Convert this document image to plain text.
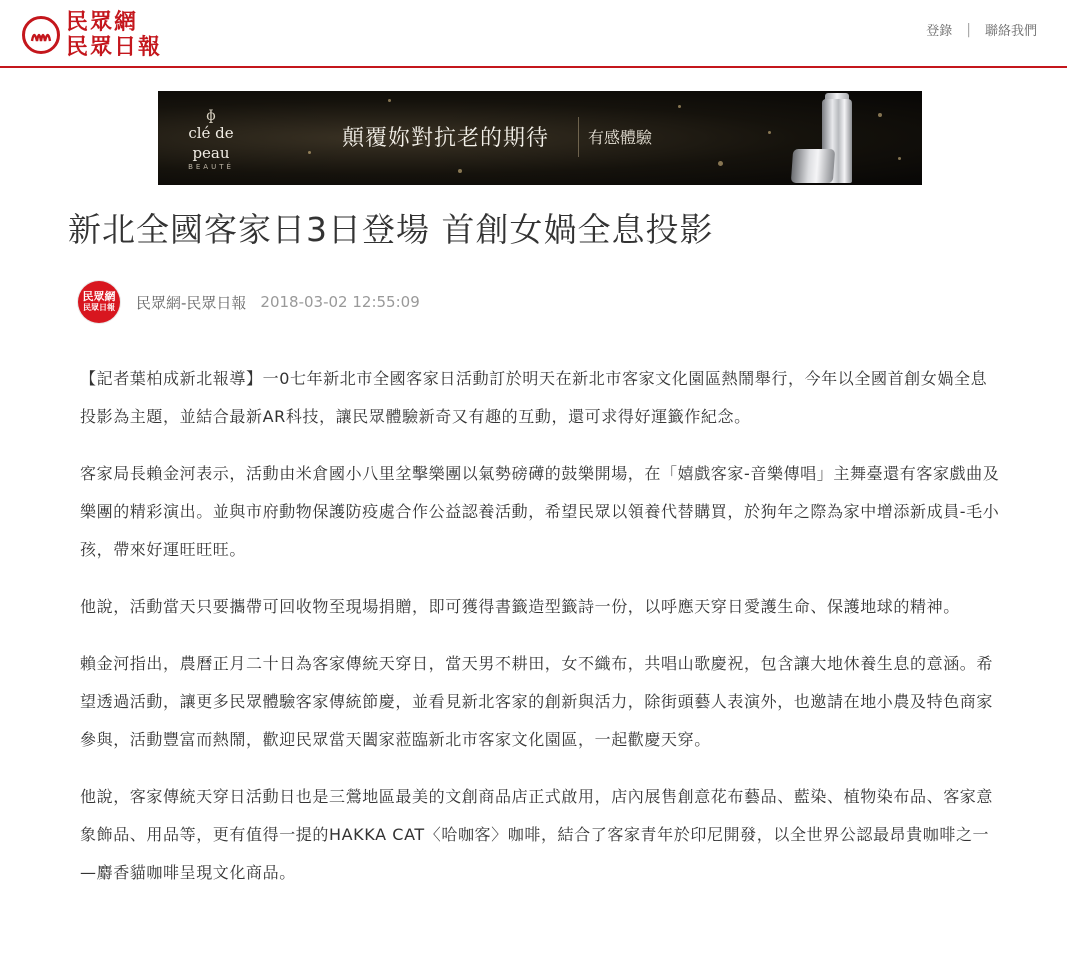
民眾網
民眾日報
登錄 | 聯絡我們
ɸ
clé de peau
BEAUTÉ
顛覆妳對抗老的期待 有感體驗
新北全國客家日3日登場 首創女媧全息投影
民眾網
民眾日報 民眾網-民眾日報 2018-03-02 12:55:09

【記者葉柏成新北報導】一0七年新北市全國客家日活動訂於明天在新北市客家文化園區熱鬧舉行，今年以全國首創女媧全息投影為主題，並結合最新AR科技，讓民眾體驗新奇又有趣的互動，還可求得好運籤作紀念。

客家局長賴金河表示，活動由米倉國小八里坌擊樂團以氣勢磅礡的鼓樂開場，在「嬉戲客家-音樂傳唱」主舞臺還有客家戲曲及樂團的精彩演出。並與市府動物保護防疫處合作公益認養活動，希望民眾以領養代替購買，於狗年之際為家中增添新成員-毛小孩，帶來好運旺旺旺。

他說，活動當天只要攜帶可回收物至現場捐贈，即可獲得書籤造型籤詩一份，以呼應天穿日愛護生命、保護地球的精神。

賴金河指出，農曆正月二十日為客家傳統天穿日，當天男不耕田，女不織布，共唱山歌慶祝，包含讓大地休養生息的意涵。希望透過活動，讓更多民眾體驗客家傳統節慶，並看見新北客家的創新與活力，除街頭藝人表演外，也邀請在地小農及特色商家參與，活動豐富而熱鬧，歡迎民眾當天闔家蒞臨新北市客家文化園區，一起歡慶天穿。

他說，客家傳統天穿日活動日也是三鶯地區最美的文創商品店正式啟用，店內展售創意花布藝品、藍染、植物染布品、客家意象飾品、用品等，更有值得一提的HAKKA CAT〈哈咖客〉咖啡，結合了客家青年於印尼開發，以全世界公認最昂貴咖啡之一—麝香貓咖啡呈現文化商品。
